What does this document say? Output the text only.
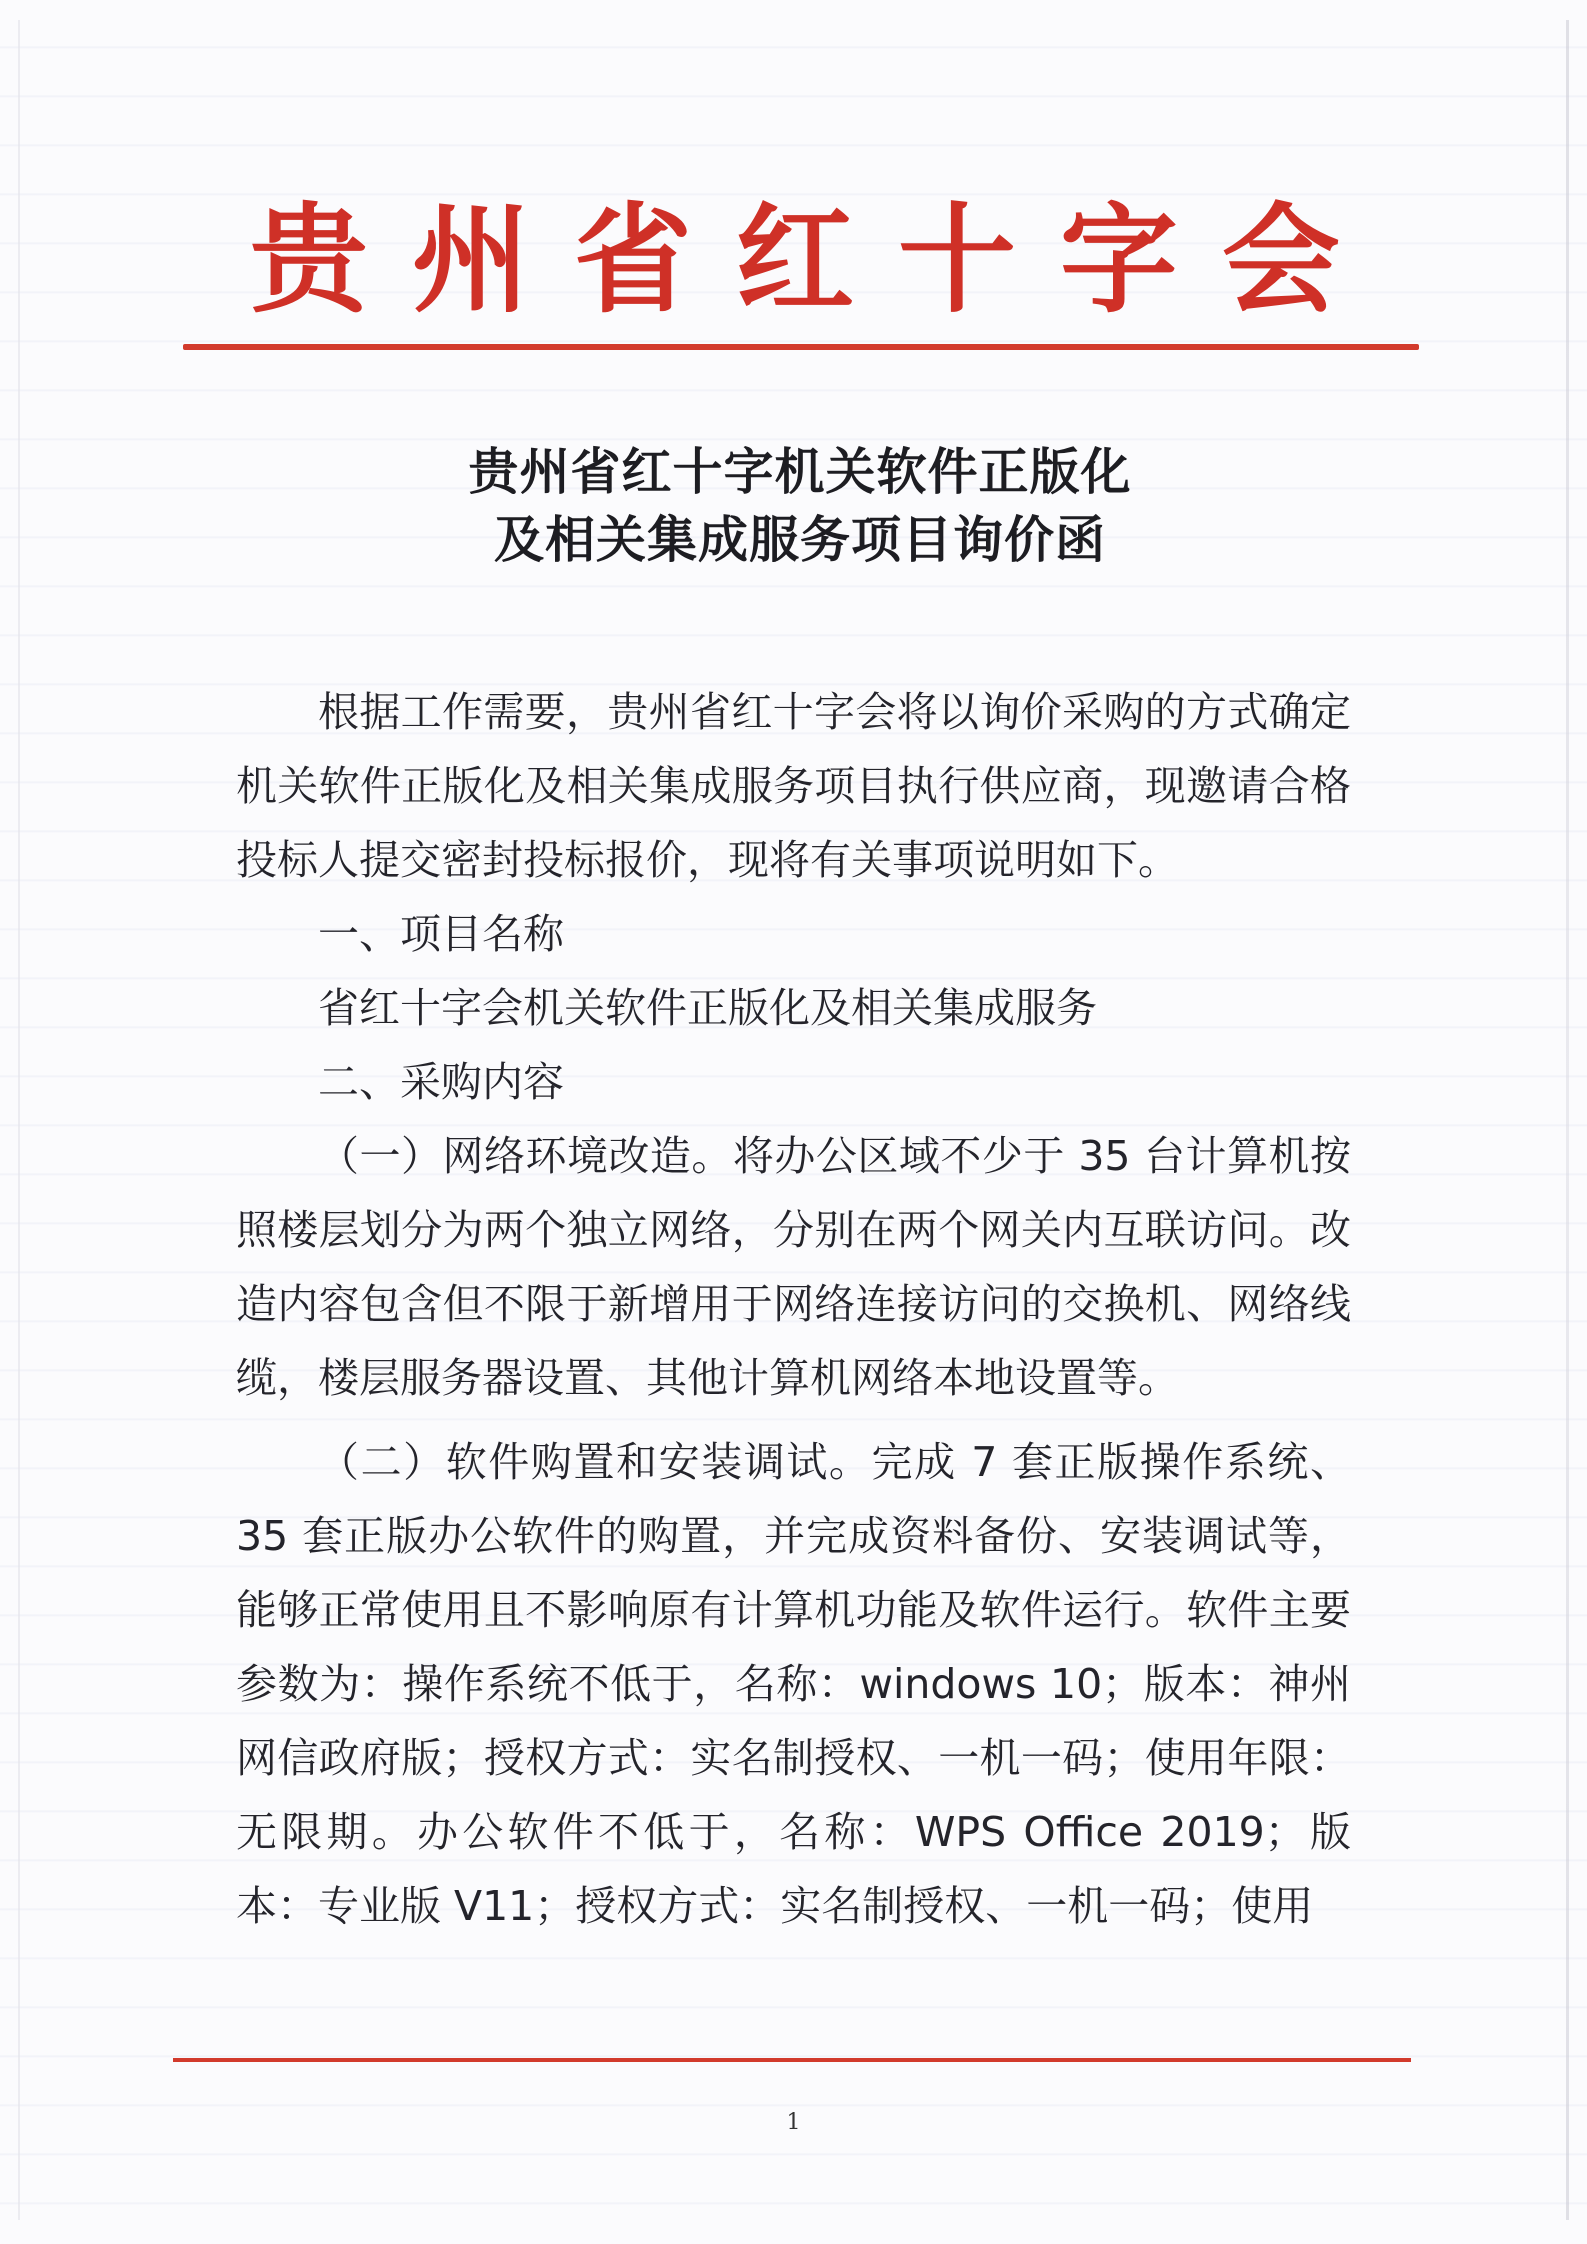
贵 州 省 红 十 字 会
贵州省红十字机关软件正版化
及相关集成服务项目询价函

根据工作需要，贵州省红十字会将以询价采购的方式确定机关软件正版化及相关集成服务项目执行供应商，现邀请合格投标人提交密封投标报价，现将有关事项说明如下。

一、项目名称

省红十字会机关软件正版化及相关集成服务

二、采购内容

（一）网络环境改造。将办公区域不少于 35 台计算机按照楼层划分为两个独立网络，分别在两个网关内互联访问。改造内容包含但不限于新增用于网络连接访问的交换机、网络线缆，楼层服务器设置、其他计算机网络本地设置等。

（二）软件购置和安装调试。完成 7 套正版操作系统、35 套正版办公软件的购置，并完成资料备份、安装调试等，能够正常使用且不影响原有计算机功能及软件运行。软件主要参数为：操作系统不低于，名称：windows 10；版本：神州网信政府版；授权方式：实名制授权、一机一码；使用年限：无限期。办公软件不低于，名称：WPS Office 2019；版本：专业版 V11；授权方式：实名制授权、一机一码；使用

1
